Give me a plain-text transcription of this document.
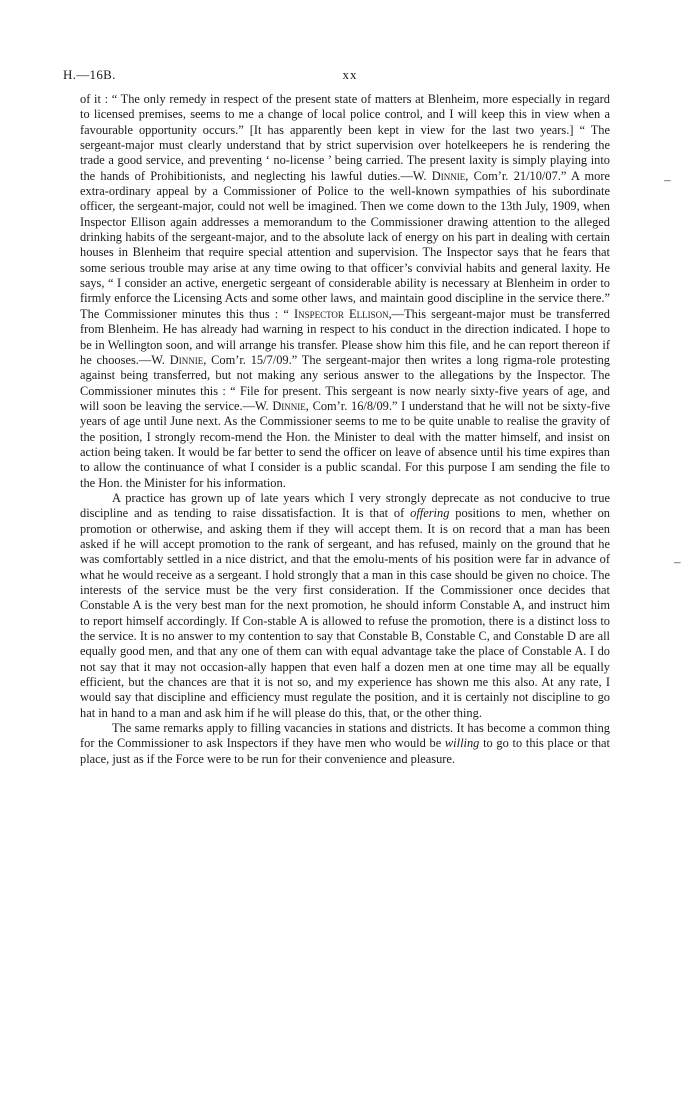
H.—16B.	xx

of it : “ The only remedy in respect of the present state of matters at Blenheim, more especially in regard to licensed premises, seems to me a change of local police control, and I will keep this in view when a favourable opportunity occurs.” [It has apparently been kept in view for the last two years.] “ The sergeant-major must clearly understand that by strict supervision over hotelkeepers he is rendering the trade a good service, and preventing ‘ no-license ’ being carried. The present laxity is simply playing into the hands of Prohibitionists, and neglecting his lawful duties.—W. Dinnie, Com’r. 21/10/07.” A more extra-ordinary appeal by a Commissioner of Police to the well-known sympathies of his subordinate officer, the sergeant-major, could not well be imagined. Then we come down to the 13th July, 1909, when Inspector Ellison again addresses a memorandum to the Commissioner drawing attention to the alleged drinking habits of the sergeant-major, and to the absolute lack of energy on his part in dealing with certain houses in Blenheim that require special attention and supervision. The Inspector says that he fears that some serious trouble may arise at any time owing to that officer’s convivial habits and general laxity. He says, “ I consider an active, energetic sergeant of considerable ability is necessary at Blenheim in order to firmly enforce the Licensing Acts and some other laws, and maintain good discipline in the service there.” The Commissioner minutes this thus : “ Inspector Ellison,—This sergeant-major must be transferred from Blenheim. He has already had warning in respect to his conduct in the direction indicated. I hope to be in Wellington soon, and will arrange his transfer. Please show him this file, and he can report thereon if he chooses.—W. Dinnie, Com’r. 15/7/09.” The sergeant-major then writes a long rigma-role protesting against being transferred, but not making any serious answer to the allegations by the Inspector. The Commissioner minutes this : “ File for present. This sergeant is now nearly sixty-five years of age, and will soon be leaving the service.—W. Dinnie, Com’r. 16/8/09.” I understand that he will not be sixty-five years of age until June next. As the Commissioner seems to me to be quite unable to realise the gravity of the position, I strongly recom-mend the Hon. the Minister to deal with the matter himself, and insist on action being taken. It would be far better to send the officer on leave of absence until his time expires than to allow the continuance of what I consider is a public scandal. For this purpose I am sending the file to the Hon. the Minister for his information.

A practice has grown up of late years which I very strongly deprecate as not conducive to true discipline and as tending to raise dissatisfaction. It is that of offering positions to men, whether on promotion or otherwise, and asking them if they will accept them. It is on record that a man has been asked if he will accept promotion to the rank of sergeant, and has refused, mainly on the ground that he was comfortably settled in a nice district, and that the emolu-ments of his position were far in advance of what he would receive as a sergeant. I hold strongly that a man in this case should be given no choice. The interests of the service must be the very first consideration. If the Commissioner once decides that Constable A is the very best man for the next promotion, he should inform Constable A, and instruct him to report himself accordingly. If Con-stable A is allowed to refuse the promotion, there is a distinct loss to the service. It is no answer to my contention to say that Constable B, Constable C, and Constable D are all equally good men, and that any one of them can with equal advantage take the place of Constable A. I do not say that it may not occasion-ally happen that even half a dozen men at one time may all be equally efficient, but the chances are that it is not so, and my experience has shown me this also. At any rate, I would say that discipline and efficiency must regulate the position, and it is certainly not discipline to go hat in hand to a man and ask him if he will please do this, that, or the other thing.

The same remarks apply to filling vacancies in stations and districts. It has become a common thing for the Commissioner to ask Inspectors if they have men who would be willing to go to this place or that place, just as if the Force were to be run for their convenience and pleasure.

–
–
